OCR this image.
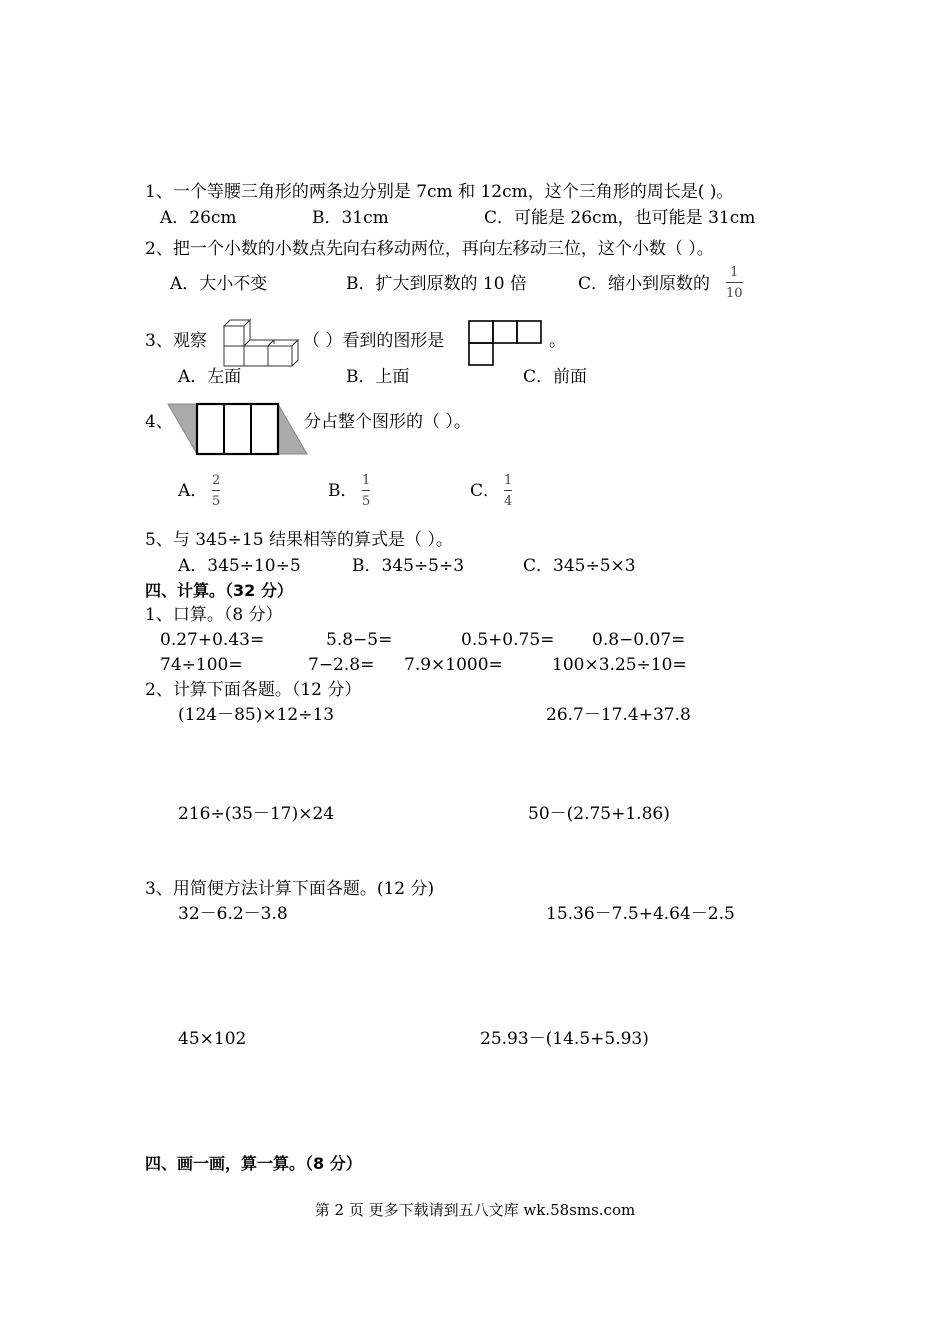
1、一个等腰三角形的两条边分别是 7cm 和 12cm，这个三角形的周长是( )。
A．26cm	B．31cm	C．可能是 26cm，也可能是 31cm
2、把一个小数的小数点先向右移动两位，再向左移动三位，这个小数（ ）。
A．大小不变	B．扩大到原数的 10 倍	C．缩小到原数的
1
10
3、观察	（ ）看到的图形是	。
A．左面	B．上面	C．前面
4、	分占整个图形的（ ）。
A．
2
5
B．
1
5
C．
1
4
5、与 345÷15 结果相等的算式是（ ）。
A．345÷10÷5	B．345÷5÷3	C．345÷5×3
四、计算。（32 分）
1、口算。（8 分）
0.27+0.43=	5.8−5=	0.5+0.75= 0.8−0.07=
74÷100=	7−2.8= 7.9×1000=	100×3.25÷10=
2、计算下面各题。（12 分）
(124－85)×12÷13	26.7－17.4+37.8
216÷(35－17)×24	50－(2.75+1.86)
3、用简便方法计算下面各题。(12 分)
32－6.2－3.8	15.36－7.5+4.64－2.5
45×102	25.93－(14.5+5.93)
四、画一画，算一算。（8 分）
第 2 页 更多下载请到五八文库 wk.58sms.com
